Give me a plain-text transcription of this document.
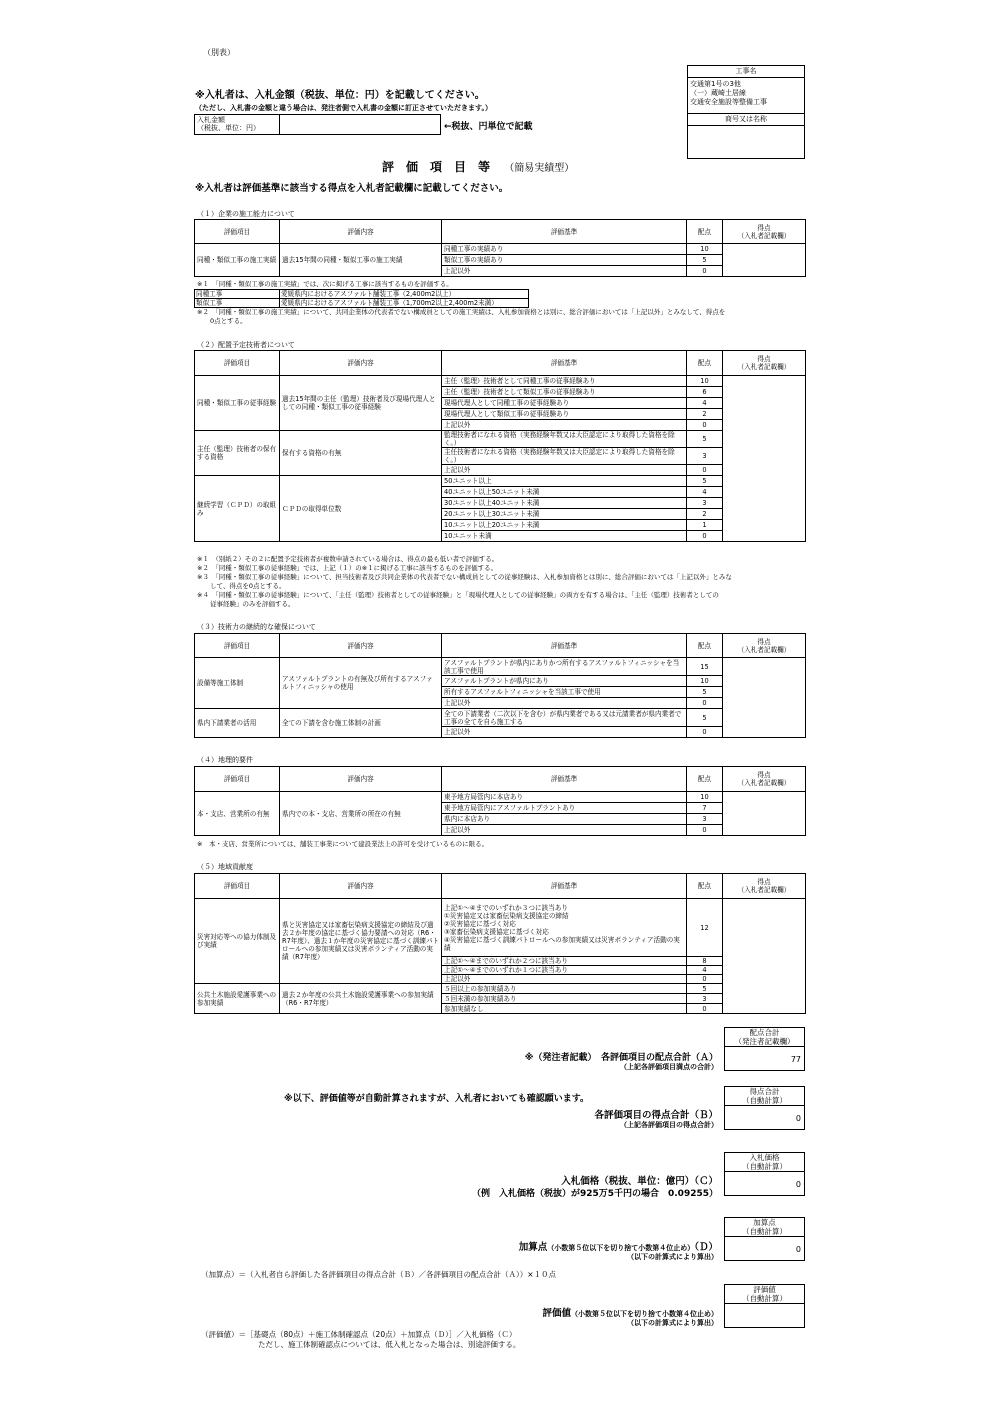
（別表）
※入札者は、入札金額（税抜、単位：円）を記載してください。
（ただし、入札書の金額と違う場合は、発注者側で入札書の金額に訂正させていただきます。）
入札金額
（税抜、単位：円）	←税抜、円単位で記載
工事名
交通第1号の3他
（一）蔵崎土居線
交通安全施設等整備工事
商号又は名称
評　価　項　目　等 （簡易実績型）
※入札者は評価基準に該当する得点を入札者記載欄に記載してください。
（１）企業の施工能力について
評価項目	評価内容	評価基準	配点	得点
（入札者記載欄）

同種・類似工事の施工実績	過去15年間の同種・類似工事の施工実績	同種工事の実績あり	10	
		類似工事の実績あり	5	
		上記以外	0	
※１　「同種・類似工事の施工実績」では、次に掲げる工事に該当するものを評価する。
同種工事	愛媛県内におけるアスファルト舗装工事（2,400m2以上）
類似工事	愛媛県内におけるアスファルト舗装工事（1,700m2以上2,400m2未満）
※２　「同種・類似工事の施工実績」について、共同企業体の代表者でない構成員としての施工実績は、入札参加資格とは別に、総合評価においては「上記以外」とみなして、得点を
0点とする。
（２）配置予定技術者について
評価項目	評価内容	評価基準	配点	得点
（入札者記載欄）

同種・類似工事の従事経験	過去15年間の主任（監理）技術者及び現場代理人としての同種・類似工事の従事経験	主任（監理）技術者として同種工事の従事経験あり	10	
		主任（監理）技術者として類似工事の従事経験あり	6	
		現場代理人として同種工事の従事経験あり	4	
		現場代理人として類似工事の従事経験あり	2	
		上記以外	0	
主任（監理）技術者の保有する資格	保有する資格の有無	監理技術者になれる資格（実務経験年数又は大臣認定により取得した資格を除く。）	5	
		主任技術者になれる資格（実務経験年数又は大臣認定により取得した資格を除く。）	3	
		上記以外	0	
継続学習（ＣＰＤ）の取組み	ＣＰＤの取得単位数	50ユニット以上	5	
		40ユニット以上50ユニット未満	4	
		30ユニット以上40ユニット未満	3	
		20ユニット以上30ユニット未満	2	
		10ユニット以上20ユニット未満	1	
		10ユニット未満	0	
※１　（別紙２）その２に配置予定技術者が複数申請されている場合は、得点の最も低い者で評価する。
※２　「同種・類似工事の従事経験」では、上記（１）の※１に掲げる工事に該当するものを評価する。
※３　「同種・類似工事の従事経験」について、担当技術者及び共同企業体の代表者でない構成員としての従事経験は、入札参加資格とは別に、総合評価においては「上記以外」とみな
　　して、得点を0点とする。
※４　「同種・類似工事の従事経験」について、「主任（監理）技術者としての従事経験」と「現場代理人としての従事経験」の両方を有する場合は、「主任（監理）技術者としての
　　従事経験」のみを評価する。
（３）技術力の継続的な確保について
評価項目	評価内容	評価基準	配点	得点
（入札者記載欄）

設備等施工体制	アスファルトプラントの有無及び所有するアスファルトフィニッシャの使用	アスファルトプラントが県内にありかつ所有するアスファルトフィニッシャを当該工事で使用	15	
		アスファルトプラントが県内にあり	10	
		所有するアスファルトフィニッシャを当該工事で使用	5	
		上記以外	0	
県内下請業者の活用	全ての下請を含む施工体制の計画	全ての下請業者（二次以下を含む）が県内業者である又は元請業者が県内業者で工事の全てを自ら施工する	5	
		上記以外	0	
（４）地理的要件
評価項目	評価内容	評価基準	配点	得点
（入札者記載欄）

本・支店、営業所の有無	県内での本・支店、営業所の所在の有無	東予地方局管内に本店あり	10	
		東予地方局管内にアスファルトプラントあり	7	
		県内に本店あり	3	
		上記以外	0	
※　本・支店、営業所については、舗装工事業について建設業法上の許可を受けているものに限る。
（５）地域貢献度
評価項目	評価内容	評価基準	配点	得点
（入札者記載欄）

災害対応等への協力体制及び実績	県と災害協定又は家畜伝染病支援協定の締結及び過去２か年度の協定に基づく協力要請への対応（R6・R7年度）、過去１か年度の災害協定に基づく訓練パトロールへの参加実績又は災害ボランティア活動の実績（R7年度）	上記①～④までのいずれか３つに該当あり
①災害協定又は家畜伝染病支援協定の締結
②災害協定に基づく対応
③家畜伝染病支援協定に基づく対応
④災害協定に基づく訓練パトロールへの参加実績又は災害ボランティア活動の実績	12	
		上記①～④までのいずれか２つに該当あり	8	
		上記①～④までのいずれか１つに該当あり	4	
		上記以外	0	
公共土木施設愛護事業への参加実績	過去２か年度の公共土木施設愛護事業への参加実績（R6・R7年度）	５回以上の参加実績あり	5	
		５回未満の参加実績あり	3	
		参加実績なし	0	
配点合計
（発注者記載欄）
77
※（発注者記載）　各評価項目の配点合計（Ａ）
（上記各評価項目満点の合計）
※以下、評価値等が自動計算されますが、入札者においても確認願います。
得点合計
（自動計算）
0
各評価項目の得点合計（Ｂ）
（上記各評価項目の得点合計）
入札価格
（自動計算）
0
入札価格（税抜、単位：億円）（Ｃ）
（例　入札価格（税抜）が925万5千円の場合　0.09255）
加算点
（自動計算）
0
加算点（小数第５位以下を切り捨て小数第４位止め）（Ｄ）
（以下の計算式により算出）
（加算点）＝（入札者自ら評価した各評価項目の得点合計（Ｂ）／各評価項目の配点合計（Ａ））×１０点
評価値
（自動計算）
評価値（小数第５位以下を切り捨て小数第４位止め）
（以下の計算式により算出）
（評価値）＝［基礎点（80点）＋施工体制確認点（20点）＋加算点（Ｄ）］／入札価格（Ｃ）
ただし、施工体制確認点については、低入札となった場合は、別途評価する。
